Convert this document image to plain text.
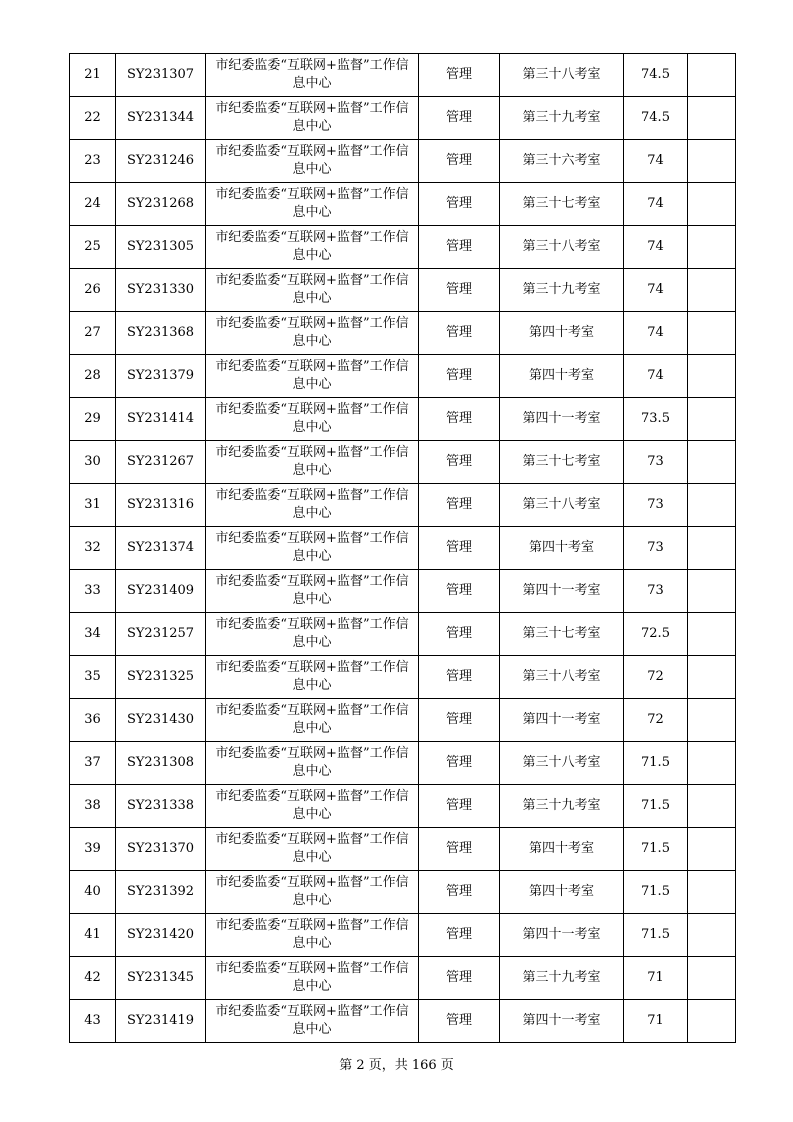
21	SY231307	市纪委监委“互联网+监督”工作信息中心	管理	第三十八考室	74.5	
22	SY231344	市纪委监委“互联网+监督”工作信息中心	管理	第三十九考室	74.5	
23	SY231246	市纪委监委“互联网+监督”工作信息中心	管理	第三十六考室	74	
24	SY231268	市纪委监委“互联网+监督”工作信息中心	管理	第三十七考室	74	
25	SY231305	市纪委监委“互联网+监督”工作信息中心	管理	第三十八考室	74	
26	SY231330	市纪委监委“互联网+监督”工作信息中心	管理	第三十九考室	74	
27	SY231368	市纪委监委“互联网+监督”工作信息中心	管理	第四十考室	74	
28	SY231379	市纪委监委“互联网+监督”工作信息中心	管理	第四十考室	74	
29	SY231414	市纪委监委“互联网+监督”工作信息中心	管理	第四十一考室	73.5	
30	SY231267	市纪委监委“互联网+监督”工作信息中心	管理	第三十七考室	73	
31	SY231316	市纪委监委“互联网+监督”工作信息中心	管理	第三十八考室	73	
32	SY231374	市纪委监委“互联网+监督”工作信息中心	管理	第四十考室	73	
33	SY231409	市纪委监委“互联网+监督”工作信息中心	管理	第四十一考室	73	
34	SY231257	市纪委监委“互联网+监督”工作信息中心	管理	第三十七考室	72.5	
35	SY231325	市纪委监委“互联网+监督”工作信息中心	管理	第三十八考室	72	
36	SY231430	市纪委监委“互联网+监督”工作信息中心	管理	第四十一考室	72	
37	SY231308	市纪委监委“互联网+监督”工作信息中心	管理	第三十八考室	71.5	
38	SY231338	市纪委监委“互联网+监督”工作信息中心	管理	第三十九考室	71.5	
39	SY231370	市纪委监委“互联网+监督”工作信息中心	管理	第四十考室	71.5	
40	SY231392	市纪委监委“互联网+监督”工作信息中心	管理	第四十考室	71.5	
41	SY231420	市纪委监委“互联网+监督”工作信息中心	管理	第四十一考室	71.5	
42	SY231345	市纪委监委“互联网+监督”工作信息中心	管理	第三十九考室	71	
43	SY231419	市纪委监委“互联网+监督”工作信息中心	管理	第四十一考室	71	
第 2 页，共 166 页
